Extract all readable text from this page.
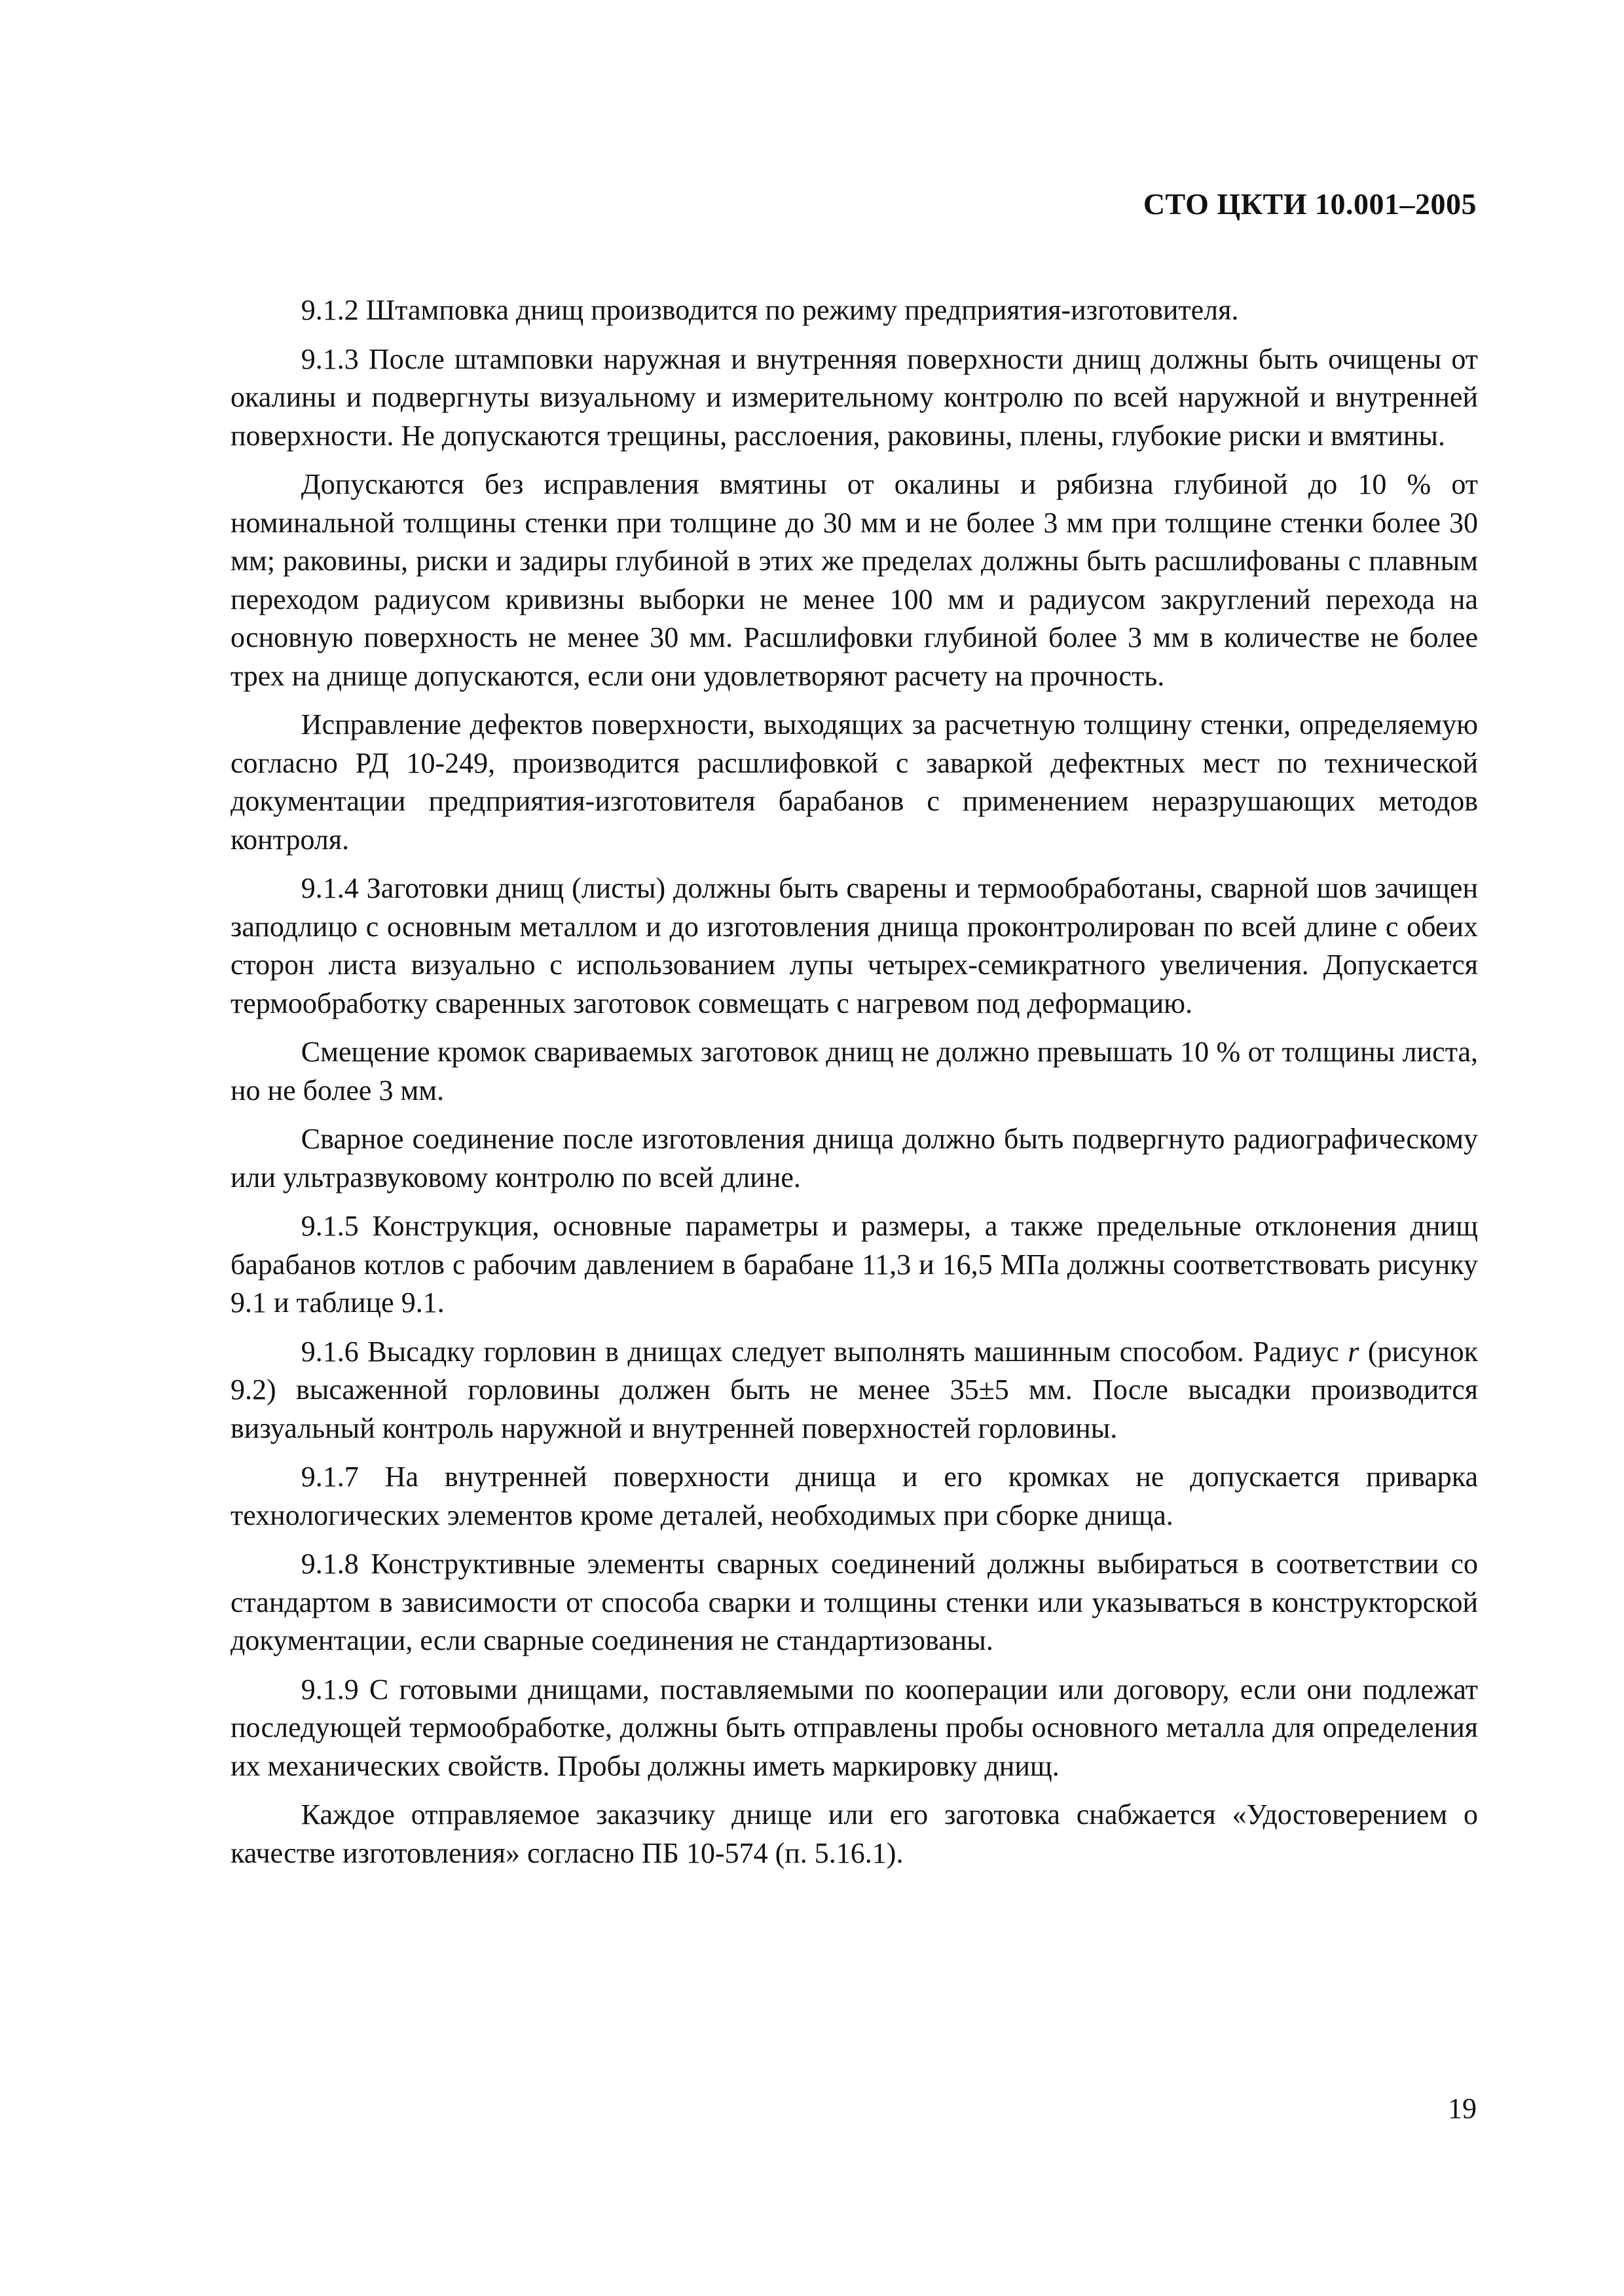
СТО ЦКТИ 10.001–2005

9.1.2 Штамповка днищ производится по режиму предприятия-изготовителя.

9.1.3 После штамповки наружная и внутренняя поверхности днищ должны быть очищены от окалины и подвергнуты визуальному и измерительному контролю по всей наружной и внутренней поверхности. Не допускаются трещины, расслоения, раковины, плены, глубокие риски и вмятины.

Допускаются без исправления вмятины от окалины и рябизна глубиной до 10 % от номинальной толщины стенки при толщине до 30 мм и не более 3 мм при толщине стенки более 30 мм; раковины, риски и задиры глубиной в этих же пределах должны быть расшлифованы с плавным переходом радиусом кривизны выборки не менее 100 мм и радиусом закруглений перехода на основную поверхность не менее 30 мм. Расшлифовки глубиной более 3 мм в количестве не более трех на днище допускаются, если они удовлетворяют расчету на прочность.

Исправление дефектов поверхности, выходящих за расчетную толщину стенки, определяемую согласно РД 10-249, производится расшлифовкой с заваркой дефектных мест по технической документации предприятия-изготовителя барабанов с применением неразрушающих методов контроля.

9.1.4 Заготовки днищ (листы) должны быть сварены и термообработаны, сварной шов зачищен заподлицо с основным металлом и до изготовления днища проконтролирован по всей длине с обеих сторон листа визуально с использованием лупы четырех-семикратного увеличения. Допускается термообработку сваренных заготовок совмещать с нагревом под деформацию.

Смещение кромок свариваемых заготовок днищ не должно превышать 10 % от толщины листа, но не более 3 мм.

Сварное соединение после изготовления днища должно быть подвергнуто радиографическому или ультразвуковому контролю по всей длине.

9.1.5 Конструкция, основные параметры и размеры, а также предельные отклонения днищ барабанов котлов с рабочим давлением в барабане 11,3 и 16,5 МПа должны соответствовать рисунку 9.1 и таблице 9.1.

9.1.6 Высадку горловин в днищах следует выполнять машинным способом. Радиус r (рисунок 9.2) высаженной горловины должен быть не менее 35±5 мм. После высадки производится визуальный контроль наружной и внутренней поверхностей горловины.

9.1.7 На внутренней поверхности днища и его кромках не допускается приварка технологических элементов кроме деталей, необходимых при сборке днища.

9.1.8 Конструктивные элементы сварных соединений должны выбираться в соответствии со стандартом в зависимости от способа сварки и толщины стенки или указываться в конструкторской документации, если сварные соединения не стандартизованы.

9.1.9 С готовыми днищами, поставляемыми по кооперации или договору, если они подлежат последующей термообработке, должны быть отправлены пробы основного металла для определения их механических свойств. Пробы должны иметь маркировку днищ.

Каждое отправляемое заказчику днище или его заготовка снабжается «Удостоверением о качестве изготовления» согласно ПБ 10-574 (п. 5.16.1).

19
